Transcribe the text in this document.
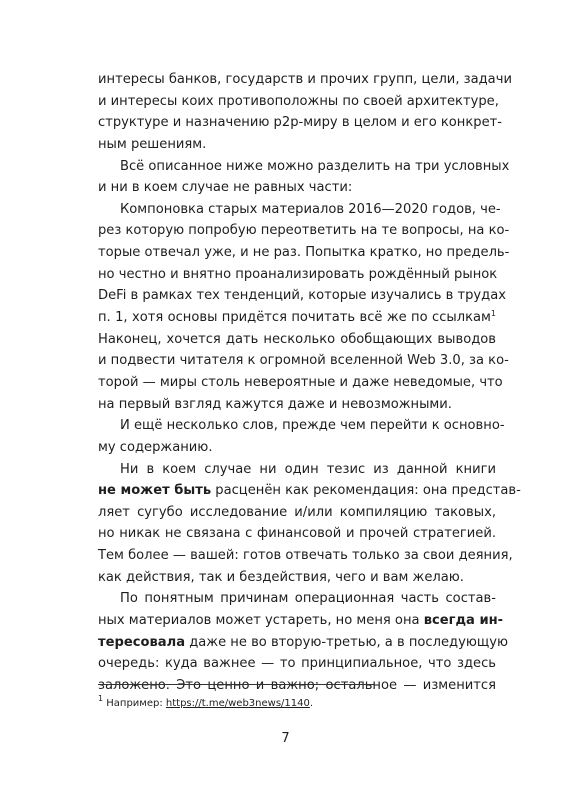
интересы банков, государств и прочих групп, цели, задачи
и интересы коих противоположны по своей архитектуре,
структуре и назначению p2p-миру в целом и его конкрет-
ным решениям.
Всё описанное ниже можно разделить на три условных
и ни в коем случае не равных части:
Компоновка старых материалов 2016—2020 годов, че-
рез которую попробую переответить на те вопросы, на ко-
торые отвечал уже, и не раз. Попытка кратко, но предель-
но честно и внятно проанализировать рождённый рынок
DeFi в рамках тех тенденций, которые изучались в трудах
п. 1, хотя основы придётся почитать всё же по ссылкам$^1$
Наконец, хочется дать несколько обобщающих выводов
и подвести читателя к огромной вселенной Web 3.0, за ко-
торой — миры столь невероятные и даже неведомые, что
на первый взгляд кажутся даже и невозможными.
И ещё несколько слов, прежде чем перейти к основно-
му содержанию.
Ни в коем случае ни один тезис из данной книги
не может быть расценён как рекомендация: она представ-
ляет сугубо исследование и/или компиляцию таковых,
но никак не связана с финансовой и прочей стратегией.
Тем более — вашей: готов отвечать только за свои деяния,
как действия, так и бездействия, чего и вам желаю.
По понятным причинам операционная часть состав-
ных материалов может устареть, но меня она всегда ин-
тересовала даже не во вторую-третью, а в последующую
очередь: куда важнее — то принципиальное, что здесь
заложено. Это ценно и важно; остальное — изменится
$^1$ Например: https://t.me/web3news/1140.
7
